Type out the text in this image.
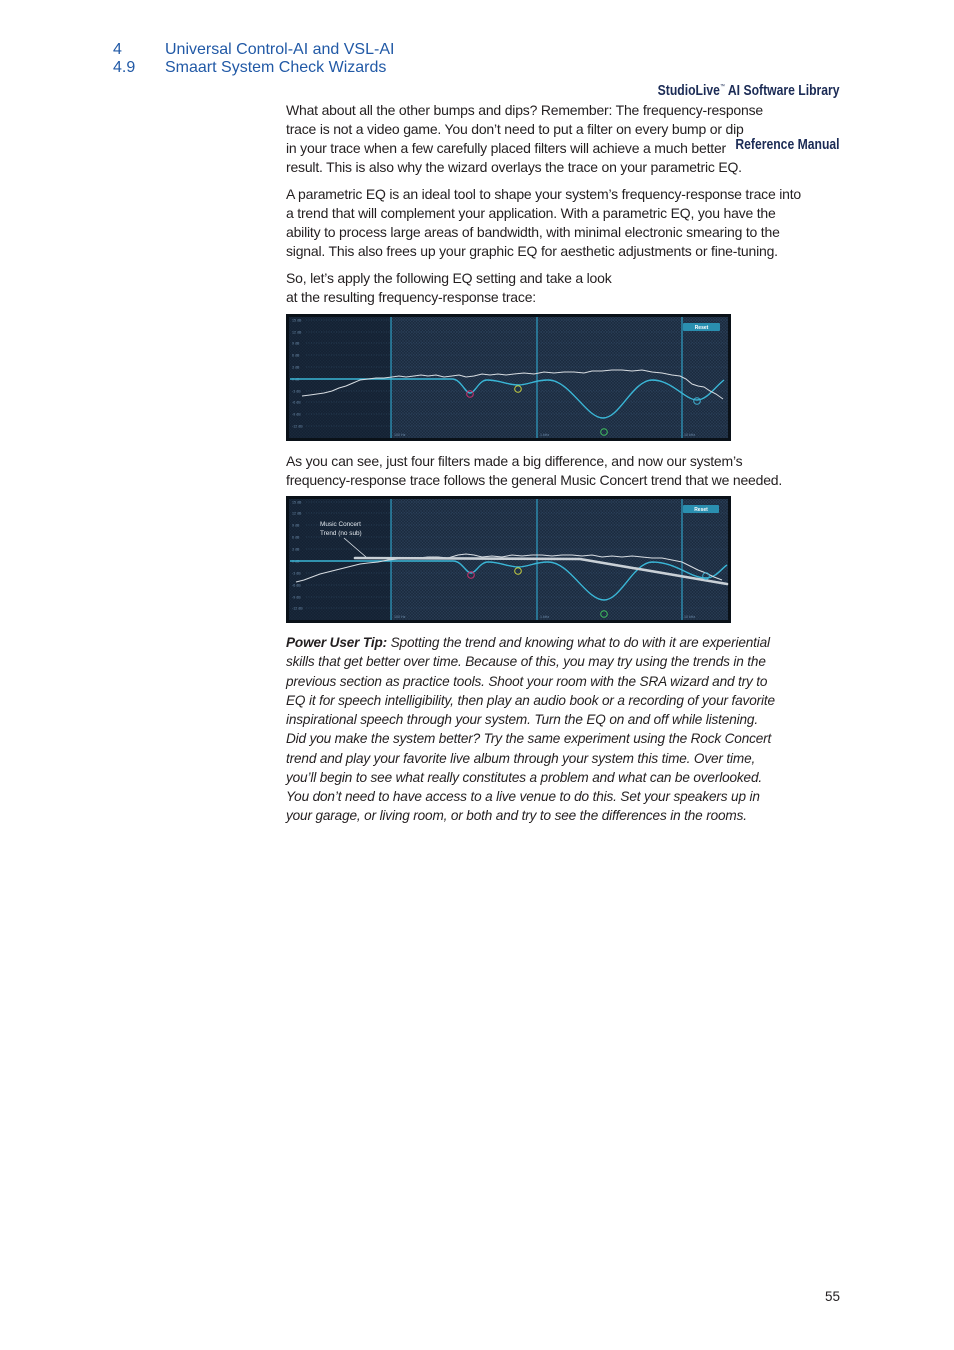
4	Universal Control-AI and VSL-AI
4.9 Smaart System Check Wizards

StudioLive™ AI Software Library

Reference Manual

What about all the other bumps and dips? Remember: The frequency-response
trace is not a video game. You don’t need to put a filter on every bump or dip
in your trace when a few carefully placed filters will achieve a much better
result. This is also why the wizard overlays the trace on your parametric EQ.
A parametric EQ is an ideal tool to shape your system’s frequency-response trace into
a trend that will complement your application. With a parametric EQ, you have the
ability to process large areas of bandwidth, with minimal electronic smearing to the
signal. This also frees up your graphic EQ for aesthetic adjustments or fine-tuning.
So, let’s apply the following EQ setting and take a look
at the resulting frequency-response trace:
15 dB
12 dB
9 dB
6 dB
3 dB
0 dB
-3 dB
-6 dB
-9 dB
-12 dB
100 Hz	1 kHz	10 kHz
Reset
As you can see, just four filters made a big difference, and now our system’s
frequency-response trace follows the general Music Concert trend that we needed.
15 dB
12 dB
9 dB
6 dB
3 dB
0 dB
-3 dB
-6 dB
-9 dB
-12 dB
100 Hz	1 kHz	10 kHz
Music Concert
Trend (no sub)
Reset
Power User Tip: Spotting the trend and knowing what to do with it are experiential
skills that get better over time. Because of this, you may try using the trends in the
previous section as practice tools. Shoot your room with the SRA wizard and try to
EQ it for speech intelligibility, then play an audio book or a recording of your favorite
inspirational speech through your system. Turn the EQ on and off while listening.
Did you make the system better? Try the same experiment using the Rock Concert
trend and play your favorite live album through your system this time. Over time,
you’ll begin to see what really constitutes a problem and what can be overlooked.
You don’t need to have access to a live venue to do this. Set your speakers up in
your garage, or living room, or both and try to see the differences in the rooms.
55
